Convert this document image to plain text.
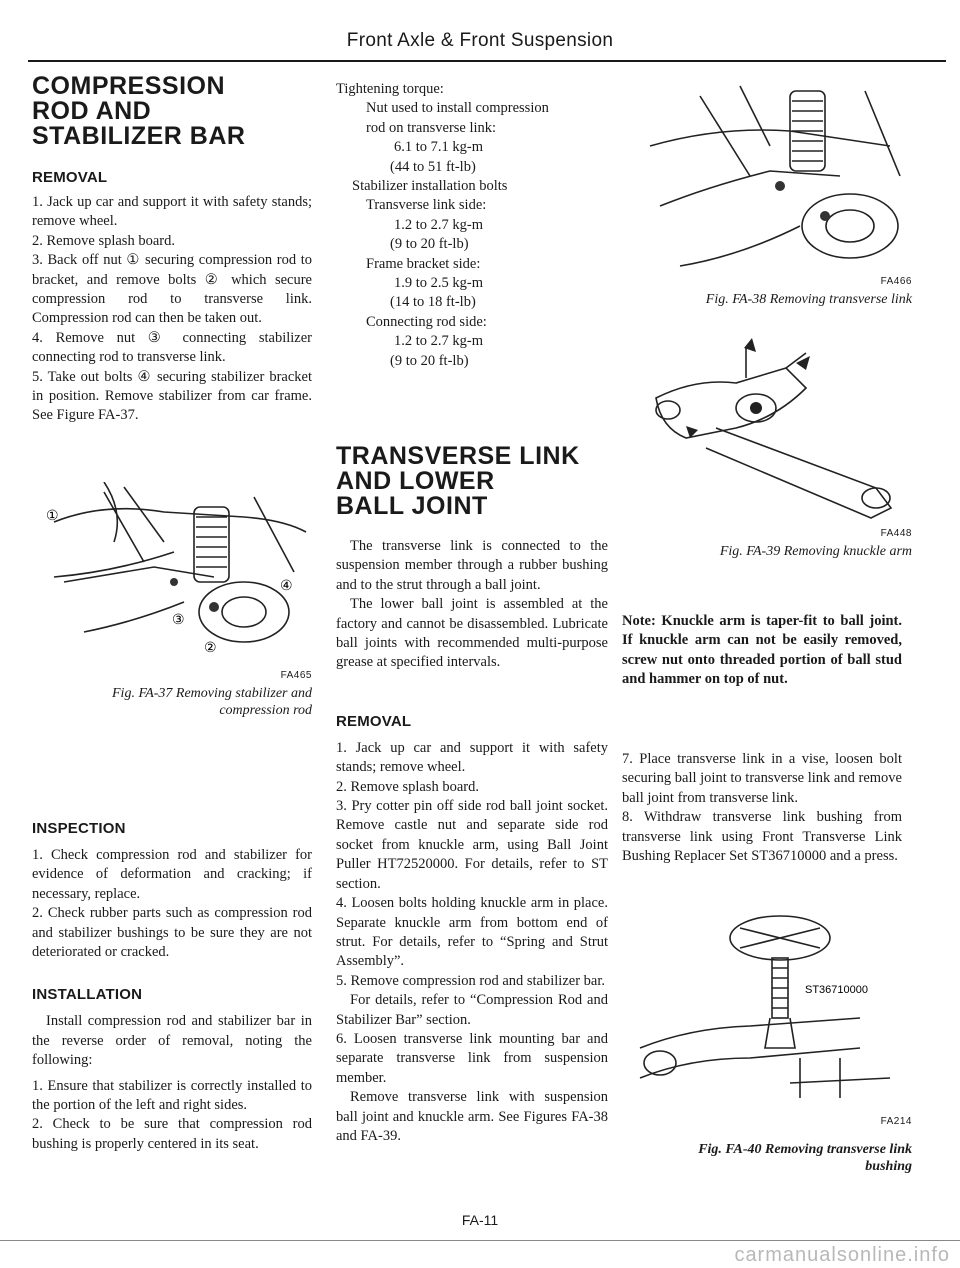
Front Axle & Front Suspension
COMPRESSION
ROD AND
STABILIZER BAR
REMOVAL

1. Jack up car and support it with safety stands; remove wheel.

2. Remove splash board.

3. Back off nut ① securing compression rod to bracket, and remove bolts ② which secure compression rod to transverse link. Compression rod can then be taken out.

4. Remove nut ③ connecting stabilizer connecting rod to transverse link.

5. Take out bolts ④ securing stabilizer bracket in position. Remove stabilizer from car frame. See Figure FA-37.

①
④
③
②
FA465
Fig. FA-37 Removing stabilizer and
compression rod
INSPECTION

1. Check compression rod and stabilizer for evidence of deformation and cracking; if necessary, replace.

2. Check rubber parts such as compression rod and stabilizer bushings to be sure they are not deteriorated or cracked.

INSTALLATION

Install compression rod and stabilizer bar in the reverse order of removal, noting the following:

1. Ensure that stabilizer is correctly installed to the portion of the left and right sides.

2. Check to be sure that compression rod bushing is properly centered in its seat.

Tightening torque:

Nut used to install compression
rod on transverse link:
6.1 to 7.1 kg-m
(44 to 51 ft-lb)
Stabilizer installation bolts
Transverse link side:
1.2 to 2.7 kg-m
(9 to 20 ft-lb)
Frame bracket side:
1.9 to 2.5 kg-m
(14 to 18 ft-lb)
Connecting rod side:
1.2 to 2.7 kg-m
(9 to 20 ft-lb)
TRANSVERSE LINK
AND LOWER
BALL JOINT

The transverse link is connected to the suspension member through a rubber bushing and to the strut through a ball joint.

The lower ball joint is assembled at the factory and cannot be disassembled. Lubricate ball joints with recommended multi-purpose grease at specified intervals.

REMOVAL

1. Jack up car and support it with safety stands; remove wheel.

2. Remove splash board.

3. Pry cotter pin off side rod ball joint socket. Remove castle nut and separate side rod socket from knuckle arm, using Ball Joint Puller HT72520000. For details, refer to ST section.

4. Loosen bolts holding knuckle arm in place. Separate knuckle arm from bottom end of strut. For details, refer to “Spring and Strut Assembly”.

5. Remove compression rod and stabilizer bar.

For details, refer to “Compression Rod and Stabilizer Bar” section.

6. Loosen transverse link mounting bar and separate transverse link from suspension member.

Remove transverse link with suspension ball joint and knuckle arm. See Figures FA-38 and FA-39.

FA466
Fig. FA-38 Removing transverse link
FA448
Fig. FA-39 Removing knuckle arm

Note: Knuckle arm is taper-fit to ball joint. If knuckle arm can not be easily removed, screw nut onto threaded portion of ball stud and hammer on top of nut.

7. Place transverse link in a vise, loosen bolt securing ball joint to transverse link and remove ball joint from transverse link.

8. Withdraw transverse link bushing from transverse link using Front Transverse Link Bushing Replacer Set ST36710000 and a press.

ST36710000
FA214
Fig. FA-40 Removing transverse link
bushing
FA-11
carmanualsonline.info
